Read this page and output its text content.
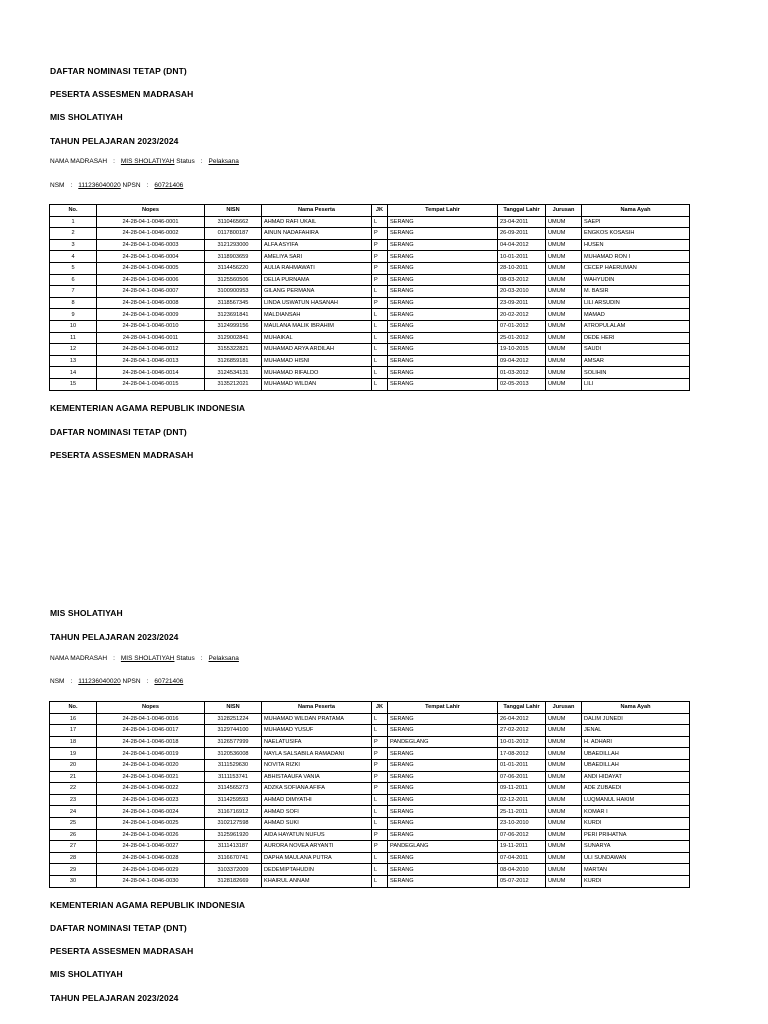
DAFTAR NOMINASI TETAP (DNT)
PESERTA ASSESMEN MADRASAH
MIS SHOLATIYAH
TAHUN PELAJARAN 2023/2024
NAMA MADRASAH : MIS SHOLATIYAH Status : Pelaksana
NSM : 111236040020 NPSN : 60721406
No.	Nopes	NISN	Nama Peserta	JK	Tempat Lahir	Tanggal Lahir	Jurusan	Nama Ayah
1	24-28-04-1-0046-0001	3110465662	AHMAD RAFI UKAIL	L	SERANG	23-04-2011	UMUM	SAEPI
2	24-28-04-1-0046-0002	0117800187	AINUN NADAFAHIRA	P	SERANG	26-09-2011	UMUM	ENGKOS KOSASIH
3	24-28-04-1-0046-0003	3121293000	ALFA ASYIFA	P	SERANG	04-04-2012	UMUM	HUSEN
4	24-28-04-1-0046-0004	3118903659	AMELIYA SARI	P	SERANG	10-01-2011	UMUM	MUHAMAD RON I
5	24-28-04-1-0046-0005	3114456220	AULIA RAHMAWATI	P	SERANG	28-10-2011	UMUM	CECEP HAERUMAN
6	24-28-04-1-0046-0006	3125560506	DELIA PURNAMA	P	SERANG	08-03-2012	UMUM	WAHYUDIN
7	24-28-04-1-0046-0007	3100900953	GILANG PERMANA	L	SERANG	20-03-2010	UMUM	M. BASIR
8	24-28-04-1-0046-0008	3118567345	LINDA USWATUN HASANAH	P	SERANG	23-09-2011	UMUM	LILI ARSUDIN
9	24-28-04-1-0046-0009	3123691841	MALDIANSAH	L	SERANG	20-02-2012	UMUM	MAMAD
10	24-28-04-1-0046-0010	3124999156	MAULANA MALIK IBRAHIM	L	SERANG	07-01-2012	UMUM	ATROPULALAM
11	24-28-04-1-0046-0011	3129002841	MUHAIKAL	L	SERANG	25-01-2012	UMUM	DEDE HERI
12	24-28-04-1-0046-0012	3155322821	MUHAMAD ARYA ARDILAH	L	SERANG	19-10-2015	UMUM	SAUDI
13	24-28-04-1-0046-0013	3126859181	MUHAMAD HISNI	L	SERANG	09-04-2012	UMUM	AMSAR
14	24-28-04-1-0046-0014	3124534131	MUHAMAD RIFALDO	L	SERANG	01-03-2012	UMUM	SOLIHIN
15	24-28-04-1-0046-0015	3135212021	MUHAMAD WILDAN	L	SERANG	02-05-2013	UMUM	LILI
KEMENTERIAN AGAMA REPUBLIK INDONESIA
DAFTAR NOMINASI TETAP (DNT)
PESERTA ASSESMEN MADRASAH
MIS SHOLATIYAH
TAHUN PELAJARAN 2023/2024
NAMA MADRASAH : MIS SHOLATIYAH Status : Pelaksana
NSM : 111236040020 NPSN : 60721406
No.	Nopes	NISN	Nama Peserta	JK	Tempat Lahir	Tanggal Lahir	Jurusan	Nama Ayah
16	24-28-04-1-0046-0016	3128251224	MUHAMAD WILDAN PRATAMA	L	SERANG	26-04-2012	UMUM	DALIM JUNEDI
17	24-28-04-1-0046-0017	3129744100	MUHAMAD YUSUF	L	SERANG	27-02-2012	UMUM	JENAL
18	24-28-04-1-0046-0018	3126577999	NAELATUSIFA	P	PANDEGLANG	10-01-2012	UMUM	H. ADHARI
19	24-28-04-1-0046-0019	3120536008	NAYLA SALSABILA RAMADANI	P	SERANG	17-08-2012	UMUM	UBAEDILLAH
20	24-28-04-1-0046-0020	3111529630	NOVITA RIZKI	P	SERANG	01-01-2011	UMUM	UBAEDILLAH
21	24-28-04-1-0046-0021	3111153741	ABHISTAAUFA VANIA	P	SERANG	07-06-2011	UMUM	ANDI HIDAYAT
22	24-28-04-1-0046-0022	3114565273	ADZKA SOFIANA AFIFA	P	SERANG	09-11-2011	UMUM	ADE ZUBAEDI
23	24-28-04-1-0046-0023	3114259593	AHMAD DIMYATHI	L	SERANG	02-12-2011	UMUM	LUQMANUL HAKIM
24	24-28-04-1-0046-0024	3116716912	AHMAD SOFI	L	SERANG	25-11-2011	UMUM	KOMAR I
25	24-28-04-1-0046-0025	3102127598	AHMAD SUKI	L	SERANG	23-10-2010	UMUM	KURDI
26	24-28-04-1-0046-0026	3125961920	AIDA HAYATUN NUFUS	P	SERANG	07-06-2012	UMUM	PERI PRIHATNA
27	24-28-04-1-0046-0027	3111413187	AURORA NOVEA ARYANTI	P	PANDEGLANG	19-11-2011	UMUM	SUNARYA
28	24-28-04-1-0046-0028	3116670741	DAPHA MAULANA PUTRA	L	SERANG	07-04-2011	UMUM	ULI SUNDAWAN
29	24-28-04-1-0046-0029	3103372009	DEDEMIPTAHUDIN	L	SERANG	08-04-2010	UMUM	MARTAN
30	24-28-04-1-0046-0030	3128182669	KHAIRUL ANNAM	L	SERANG	05-07-2012	UMUM	KURDI
KEMENTERIAN AGAMA REPUBLIK INDONESIA
DAFTAR NOMINASI TETAP (DNT)
PESERTA ASSESMEN MADRASAH
MIS SHOLATIYAH
TAHUN PELAJARAN 2023/2024
